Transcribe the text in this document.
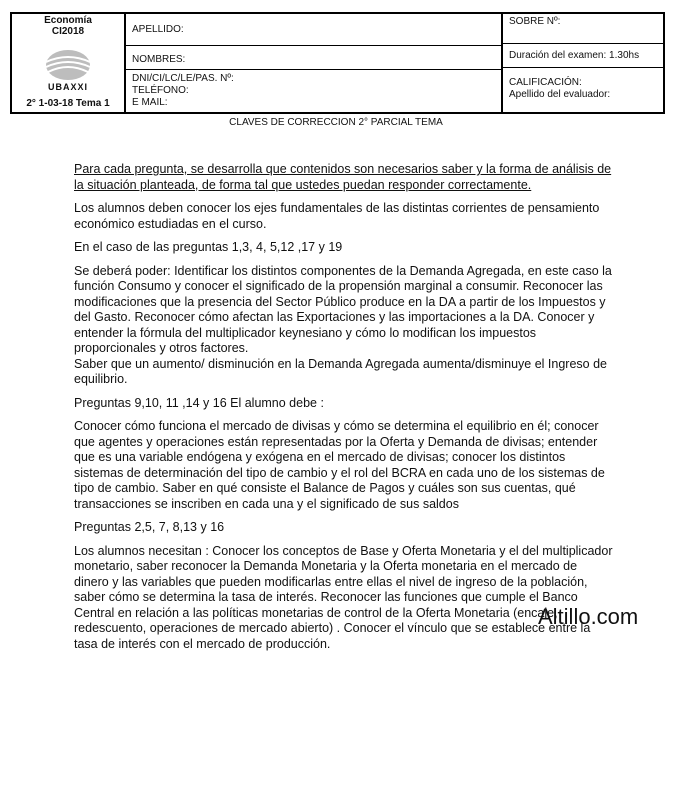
Economía
CI2018
UBAXXI
2° 1-03-18 Tema 1
APELLIDO:
NOMBRES:
DNI/CI/LC/LE/PAS. Nº:
TELÉFONO:
E MAIL:
SOBRE Nº:
Duración del examen: 1.30hs
CALIFICACIÓN:
Apellido del evaluador:
CLAVES DE CORRECCION 2° PARCIAL TEMA

Para cada pregunta, se desarrolla que contenidos son necesarios saber y la forma de análisis de la situación planteada, de forma tal que ustedes puedan responder correctamente.

Los alumnos deben conocer los ejes fundamentales de las distintas corrientes de pensamiento económico estudiadas en el curso.

En el caso de las preguntas 1,3, 4, 5,12 ,17 y 19

Se deberá poder: Identificar los distintos componentes de la Demanda Agregada, en este caso la función Consumo y conocer el significado de la propensión marginal a consumir. Reconocer las modificaciones que la presencia del Sector Público produce en la DA a partir de los Impuestos y del Gasto. Reconocer cómo afectan las Exportaciones y las importaciones a la DA. Conocer y entender la fórmula del multiplicador keynesiano y cómo lo modifican los impuestos proporcionales y otros factores.

Saber que un aumento/ disminución en la Demanda Agregada aumenta/disminuye el Ingreso de equilibrio.

Preguntas 9,10, 11 ,14 y 16 El alumno debe :

Conocer cómo funciona el mercado de divisas y cómo se determina el equilibrio en él; conocer que agentes y operaciones están representadas por la Oferta y Demanda de divisas; entender que es una variable endógena y exógena en el mercado de divisas; conocer los distintos sistemas de determinación del tipo de cambio y el rol del BCRA en cada uno de los sistemas de tipo de cambio. Saber en qué consiste el Balance de Pagos y cuáles son sus cuentas, qué transacciones se inscriben en cada una y el significado de sus saldos

Preguntas 2,5, 7, 8,13 y 16

Los alumnos necesitan : Conocer los conceptos de Base y Oferta Monetaria y el del multiplicador monetario, saber reconocer la Demanda Monetaria y la Oferta monetaria en el mercado de dinero y las variables que pueden modificarlas entre ellas el nivel de ingreso de la población, saber cómo se determina la tasa de interés. Reconocer las funciones que cumple el Banco Central en relación a las políticas monetarias de control de la Oferta Monetaria (encaje, redescuento, operaciones de mercado abierto) . Conocer el vínculo que se establece entre la tasa de interés con el mercado de producción.

Altillo.com
